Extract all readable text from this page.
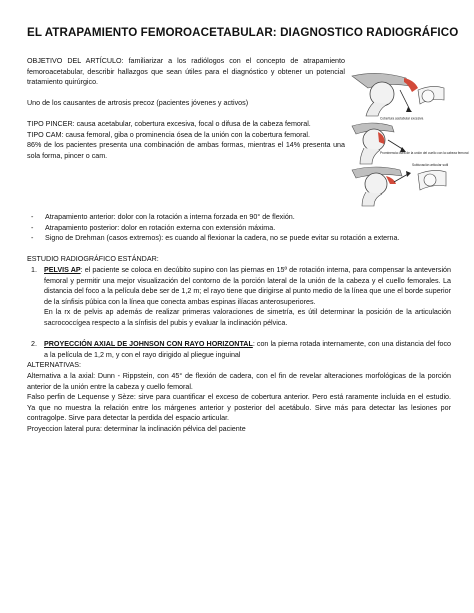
EL ATRAPAMIENTO FEMOROACETABULAR: DIAGNOSTICO RADIOGRÁFICO

OBJETIVO DEL ARTÍCULO: familiarizar a los radiólogos con el concepto de atrapamiento femoroacetabular, describir hallazgos que sean útiles para el diagnóstico y obtener un potencial tratamiento quirúrgico.

Uno de los causantes de artrosis precoz (pacientes jóvenes y activos)

TIPO PINCER: causa acetabular, cobertura excesiva, focal o difusa de la cabeza femoral.

TIPO CAM: causa femoral, giba o prominencia ósea de la unión con la cobertura femoral.

86% de los pacientes presenta una combinación de ambas formas, mientras el 14% presenta una sola forma, pincer o cam.

Cobertura acetabular excesiva
Prominencia ósea de la unión del cuello con la cabeza femoral
Subluxación articular sutil
- Atrapamiento anterior: dolor con la rotación a interna forzada en 90° de flexión.
- Atrapamiento posterior: dolor en rotación externa con extensión máxima.
- Signo de Drehman (casos extremos): es cuando al flexionar la cadera, no se puede evitar su rotación a externa.

ESTUDIO RADIOGRÁFICO ESTÁNDAR:

1. PELVIS AP: el paciente se coloca en decúbito supino con las piernas en 15º de rotación interna, para compensar la anteversión femoral y permitir una mejor visualización del contorno de la porción lateral de la unión de la cabeza y el cuello femorales. La distancia del foco a la película debe ser de 1,2 m; el rayo tiene que dirigirse al punto medio de la línea que une el borde superior de la sínfisis púbica con la línea que conecta ambas espinas ilíacas anterosuperiores.
En la rx de pelvis ap además de realizar primeras valoraciones de simetría, es útil determinar la posición de la articulación sacrococcígea respecto a la sínfisis del pubis y evaluar la inclinación pélvica.
2. PROYECCIÓN AXIAL DE JOHNSON CON RAYO HORIZONTAL: con la pierna rotada internamente, con una distancia del foco a la película de 1,2 m, y con el rayo dirigido al pliegue inguinal

ALTERNATIVAS:

Alternativa a la axial: Dunn - Rippstein, con 45° de flexión de cadera, con el fin de revelar alteraciones morfológicas de la porción anterior de la unión entre la cabeza y cuello femoral.

Falso perfin de Lequense y Sèze: sirve para cuantificar el exceso de cobertura anterior. Pero está raramente incluida en el estudio. Ya que no muestra la relación entre los márgenes anterior y posterior del acetábulo. Sirve más para detectar las lesiones por contragolpe. Sirve para detectar la perdida del espacio articular.

Proyeccion lateral pura: determinar la inclinación pélvica del paciente
